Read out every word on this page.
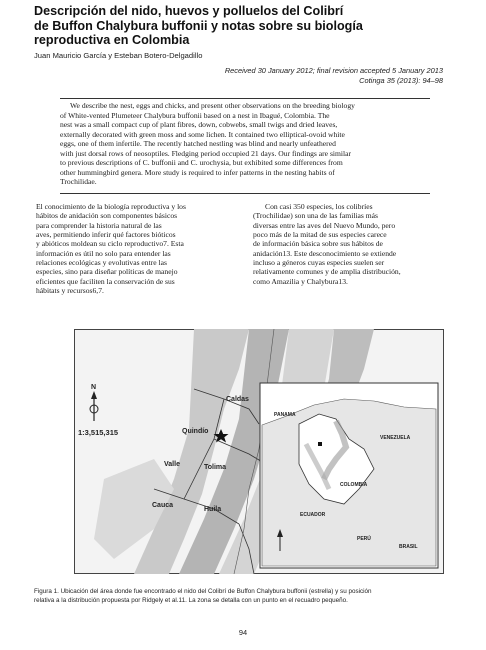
Descripción del nido, huevos y polluelos del Colibrí
de Buffon Chalybura buffonii y notas sobre su biología
reproductiva en Colombia
Juan Mauricio García y Esteban Botero-Delgadillo
Received 30 January 2012; final revision accepted 5 January 2013
Cotinga 35 (2013): 94–98
We describe the nest, eggs and chicks, and present other observations on the breeding biology
of White-vented Plumeteer Chalybura buffonii based on a nest in Ibagué, Colombia. The
nest was a small compact cup of plant fibres, down, cobwebs, small twigs and dried leaves,
externally decorated with green moss and some lichen. It contained two elliptical-ovoid white
eggs, one of them infertile. The recently hatched nestling was blind and nearly unfeathered
with just dorsal rows of neosoptiles. Fledging period occupied 21 days. Our findings are similar
to previous descriptions of C. buffonii and C. urochysia, but exhibited some differences from
other hummingbird genera. More study is required to infer patterns in the nesting habits of
Trochilidae.
El conocimiento de la biología reproductiva y los
hábitos de anidación son componentes básicos
para comprender la historia natural de las
aves, permitiendo inferir qué factores bióticos
y abióticos moldean su ciclo reproductivo7. Esta
información es útil no solo para entender las
relaciones ecológicas y evolutivas entre las
especies, sino para diseñar políticas de manejo
eficientes que faciliten la conservación de sus
hábitats y recursos6,7.
Con casi 350 especies, los colibríes
(Trochilidae) son una de las familias más
diversas entre las aves del Nuevo Mundo, pero
poco más de la mitad de sus especies carece
de información básica sobre sus hábitos de
anidación13. Este desconocimiento se extiende
incluso a géneros cuyas especies suelen ser
relativamente comunes y de amplia distribución,
como Amazilia y Chalybura13.
N
1:3,515,315
Caldas
Quindío
Tolima
Valle
Cauca
Huila
PANAMA
VENEZUELA
COLOMBIA
ECUADOR
PERÚ
BRASIL
Figura 1. Ubicación del área donde fue encontrado el nido del Colibrí de Buffon Chalybura buffonii (estrella) y su posición
relativa a la distribución propuesta por Ridgely et al.11. La zona se detalla con un punto en el recuadro pequeño.
94
